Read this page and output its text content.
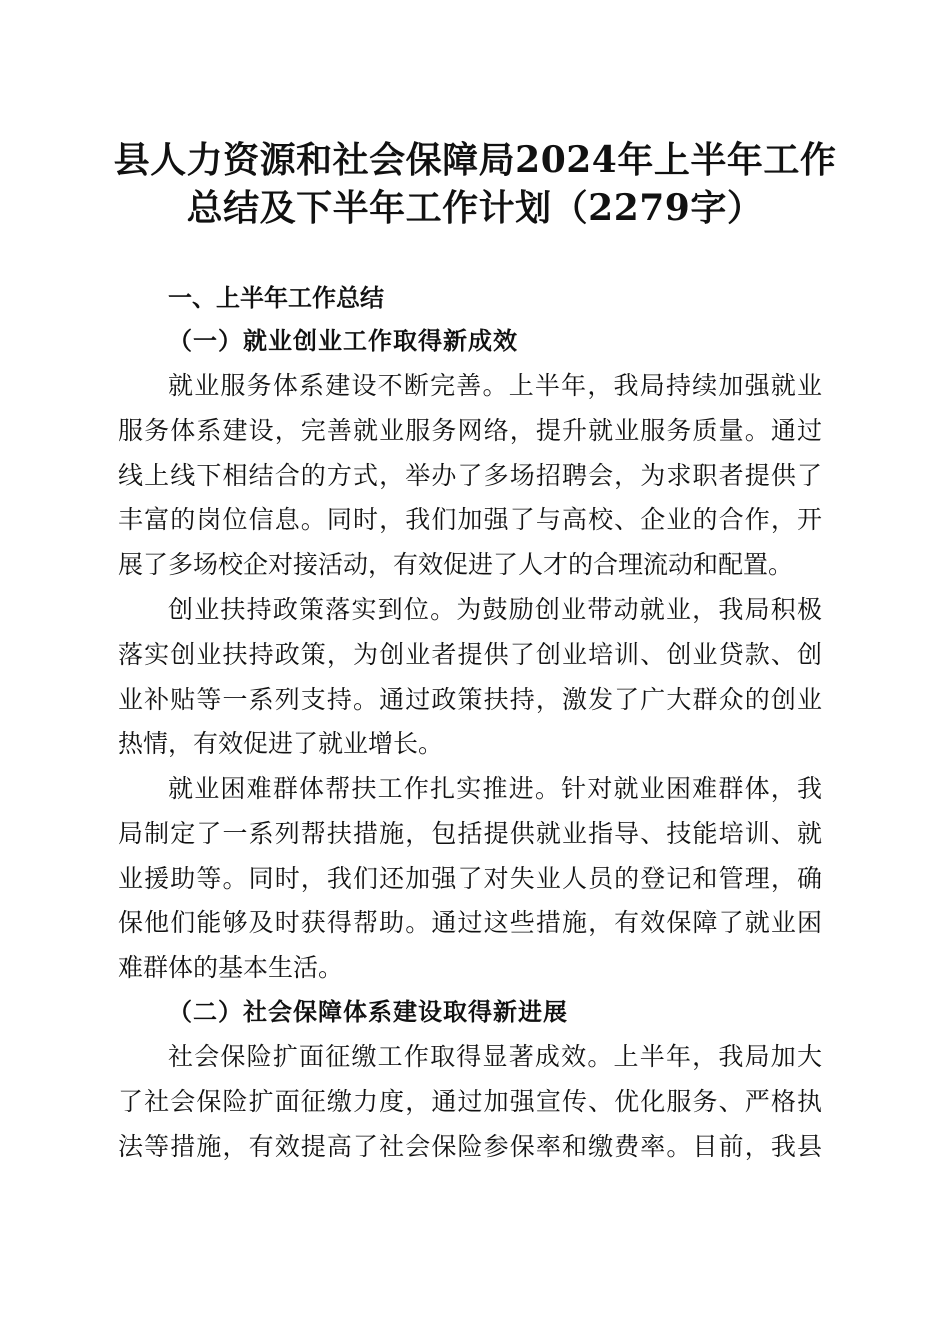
县人力资源和社会保障局2024年上半年工作
总结及下半年工作计划（2279字）
一、上半年工作总结
（一）就业创业工作取得新成效
就业服务体系建设不断完善。上半年，我局持续加强就业
服务体系建设，完善就业服务网络，提升就业服务质量。通过
线上线下相结合的方式，举办了多场招聘会，为求职者提供了
丰富的岗位信息。同时，我们加强了与高校、企业的合作，开
展了多场校企对接活动，有效促进了人才的合理流动和配置。
创业扶持政策落实到位。为鼓励创业带动就业，我局积极
落实创业扶持政策，为创业者提供了创业培训、创业贷款、创
业补贴等一系列支持。通过政策扶持，激发了广大群众的创业
热情，有效促进了就业增长。
就业困难群体帮扶工作扎实推进。针对就业困难群体，我
局制定了一系列帮扶措施，包括提供就业指导、技能培训、就
业援助等。同时，我们还加强了对失业人员的登记和管理，确
保他们能够及时获得帮助。通过这些措施，有效保障了就业困
难群体的基本生活。
（二）社会保障体系建设取得新进展
社会保险扩面征缴工作取得显著成效。上半年，我局加大
了社会保险扩面征缴力度，通过加强宣传、优化服务、严格执
法等措施，有效提高了社会保险参保率和缴费率。目前，我县
